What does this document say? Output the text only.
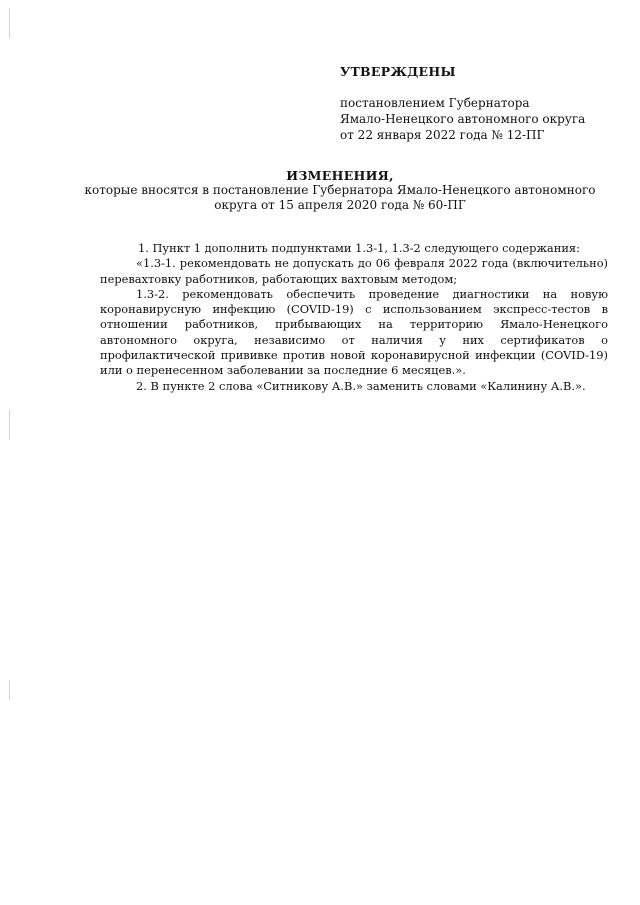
УТВЕРЖДЕНЫ
постановлением Губернатора
Ямало-Ненецкого автономного округа
от 22 января 2022 года № 12-ПГ
ИЗМЕНЕНИЯ,
которые вносятся в постановление Губернатора Ямало-Ненецкого автономного
округа от 15 апреля 2020 года № 60-ПГ

1. Пункт 1 дополнить подпунктами 1.3-1, 1.3-2 следующего содержания:

«1.3-1. рекомендовать не допускать до 06 февраля 2022 года (включительно) перевахтовку работников, работающих вахтовым методом;

1.3-2. рекомендовать обеспечить проведение диагностики на новую коронавирусную инфекцию (COVID-19) с использованием экспресс-тестов в отношении работников, прибывающих на территорию Ямало-Ненецкого автономного округа, независимо от наличия у них сертификатов о профилактической прививке против новой коронавирусной инфекции (COVID-19) или о перенесенном заболевании за последние 6 месяцев.».

2. В пункте 2 слова «Ситникову А.В.» заменить словами «Калинину А.В.».
